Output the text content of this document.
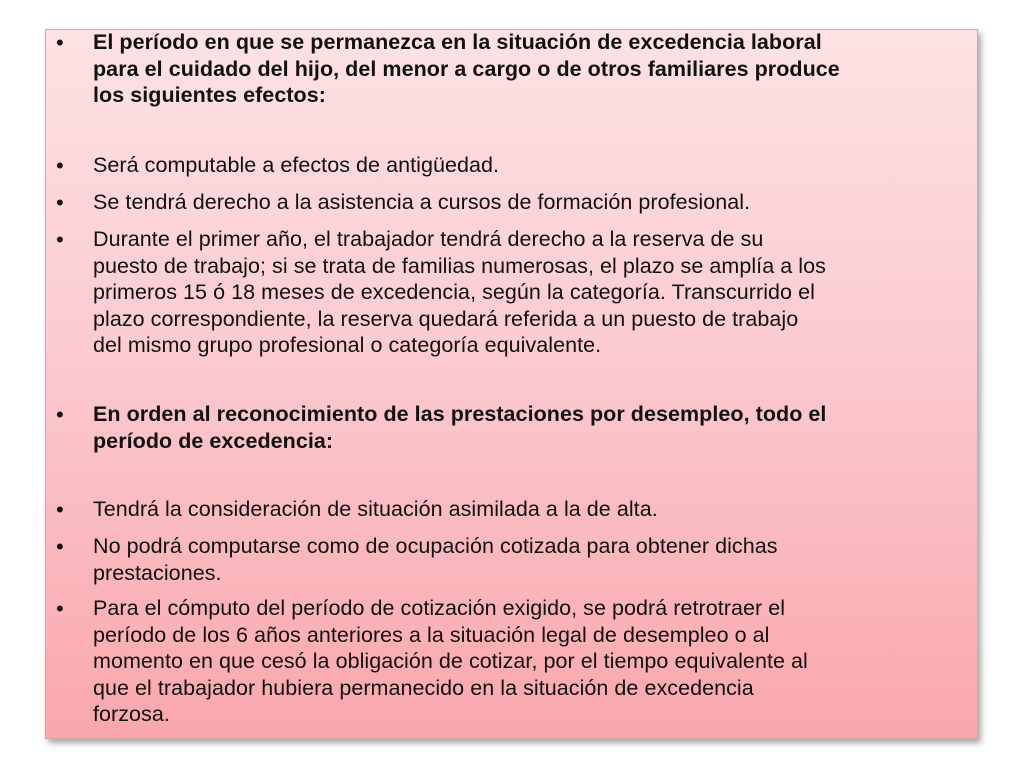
• El período en que se permanezca en la situación de excedencia laboral
para el cuidado del hijo, del menor a cargo o de otros familiares produce
los siguientes efectos:
• Será computable a efectos de antigüedad.
• Se tendrá derecho a la asistencia a cursos de formación profesional.
• Durante el primer año, el trabajador tendrá derecho a la reserva de su
puesto de trabajo; si se trata de familias numerosas, el plazo se amplía a los
primeros 15 ó 18 meses de excedencia, según la categoría. Transcurrido el
plazo correspondiente, la reserva quedará referida a un puesto de trabajo
del mismo grupo profesional o categoría equivalente.
• En orden al reconocimiento de las prestaciones por desempleo, todo el
período de excedencia:
• Tendrá la consideración de situación asimilada a la de alta.
• No podrá computarse como de ocupación cotizada para obtener dichas
prestaciones.
• Para el cómputo del período de cotización exigido, se podrá retrotraer el
período de los 6 años anteriores a la situación legal de desempleo o al
momento en que cesó la obligación de cotizar, por el tiempo equivalente al
que el trabajador hubiera permanecido en la situación de excedencia
forzosa.
